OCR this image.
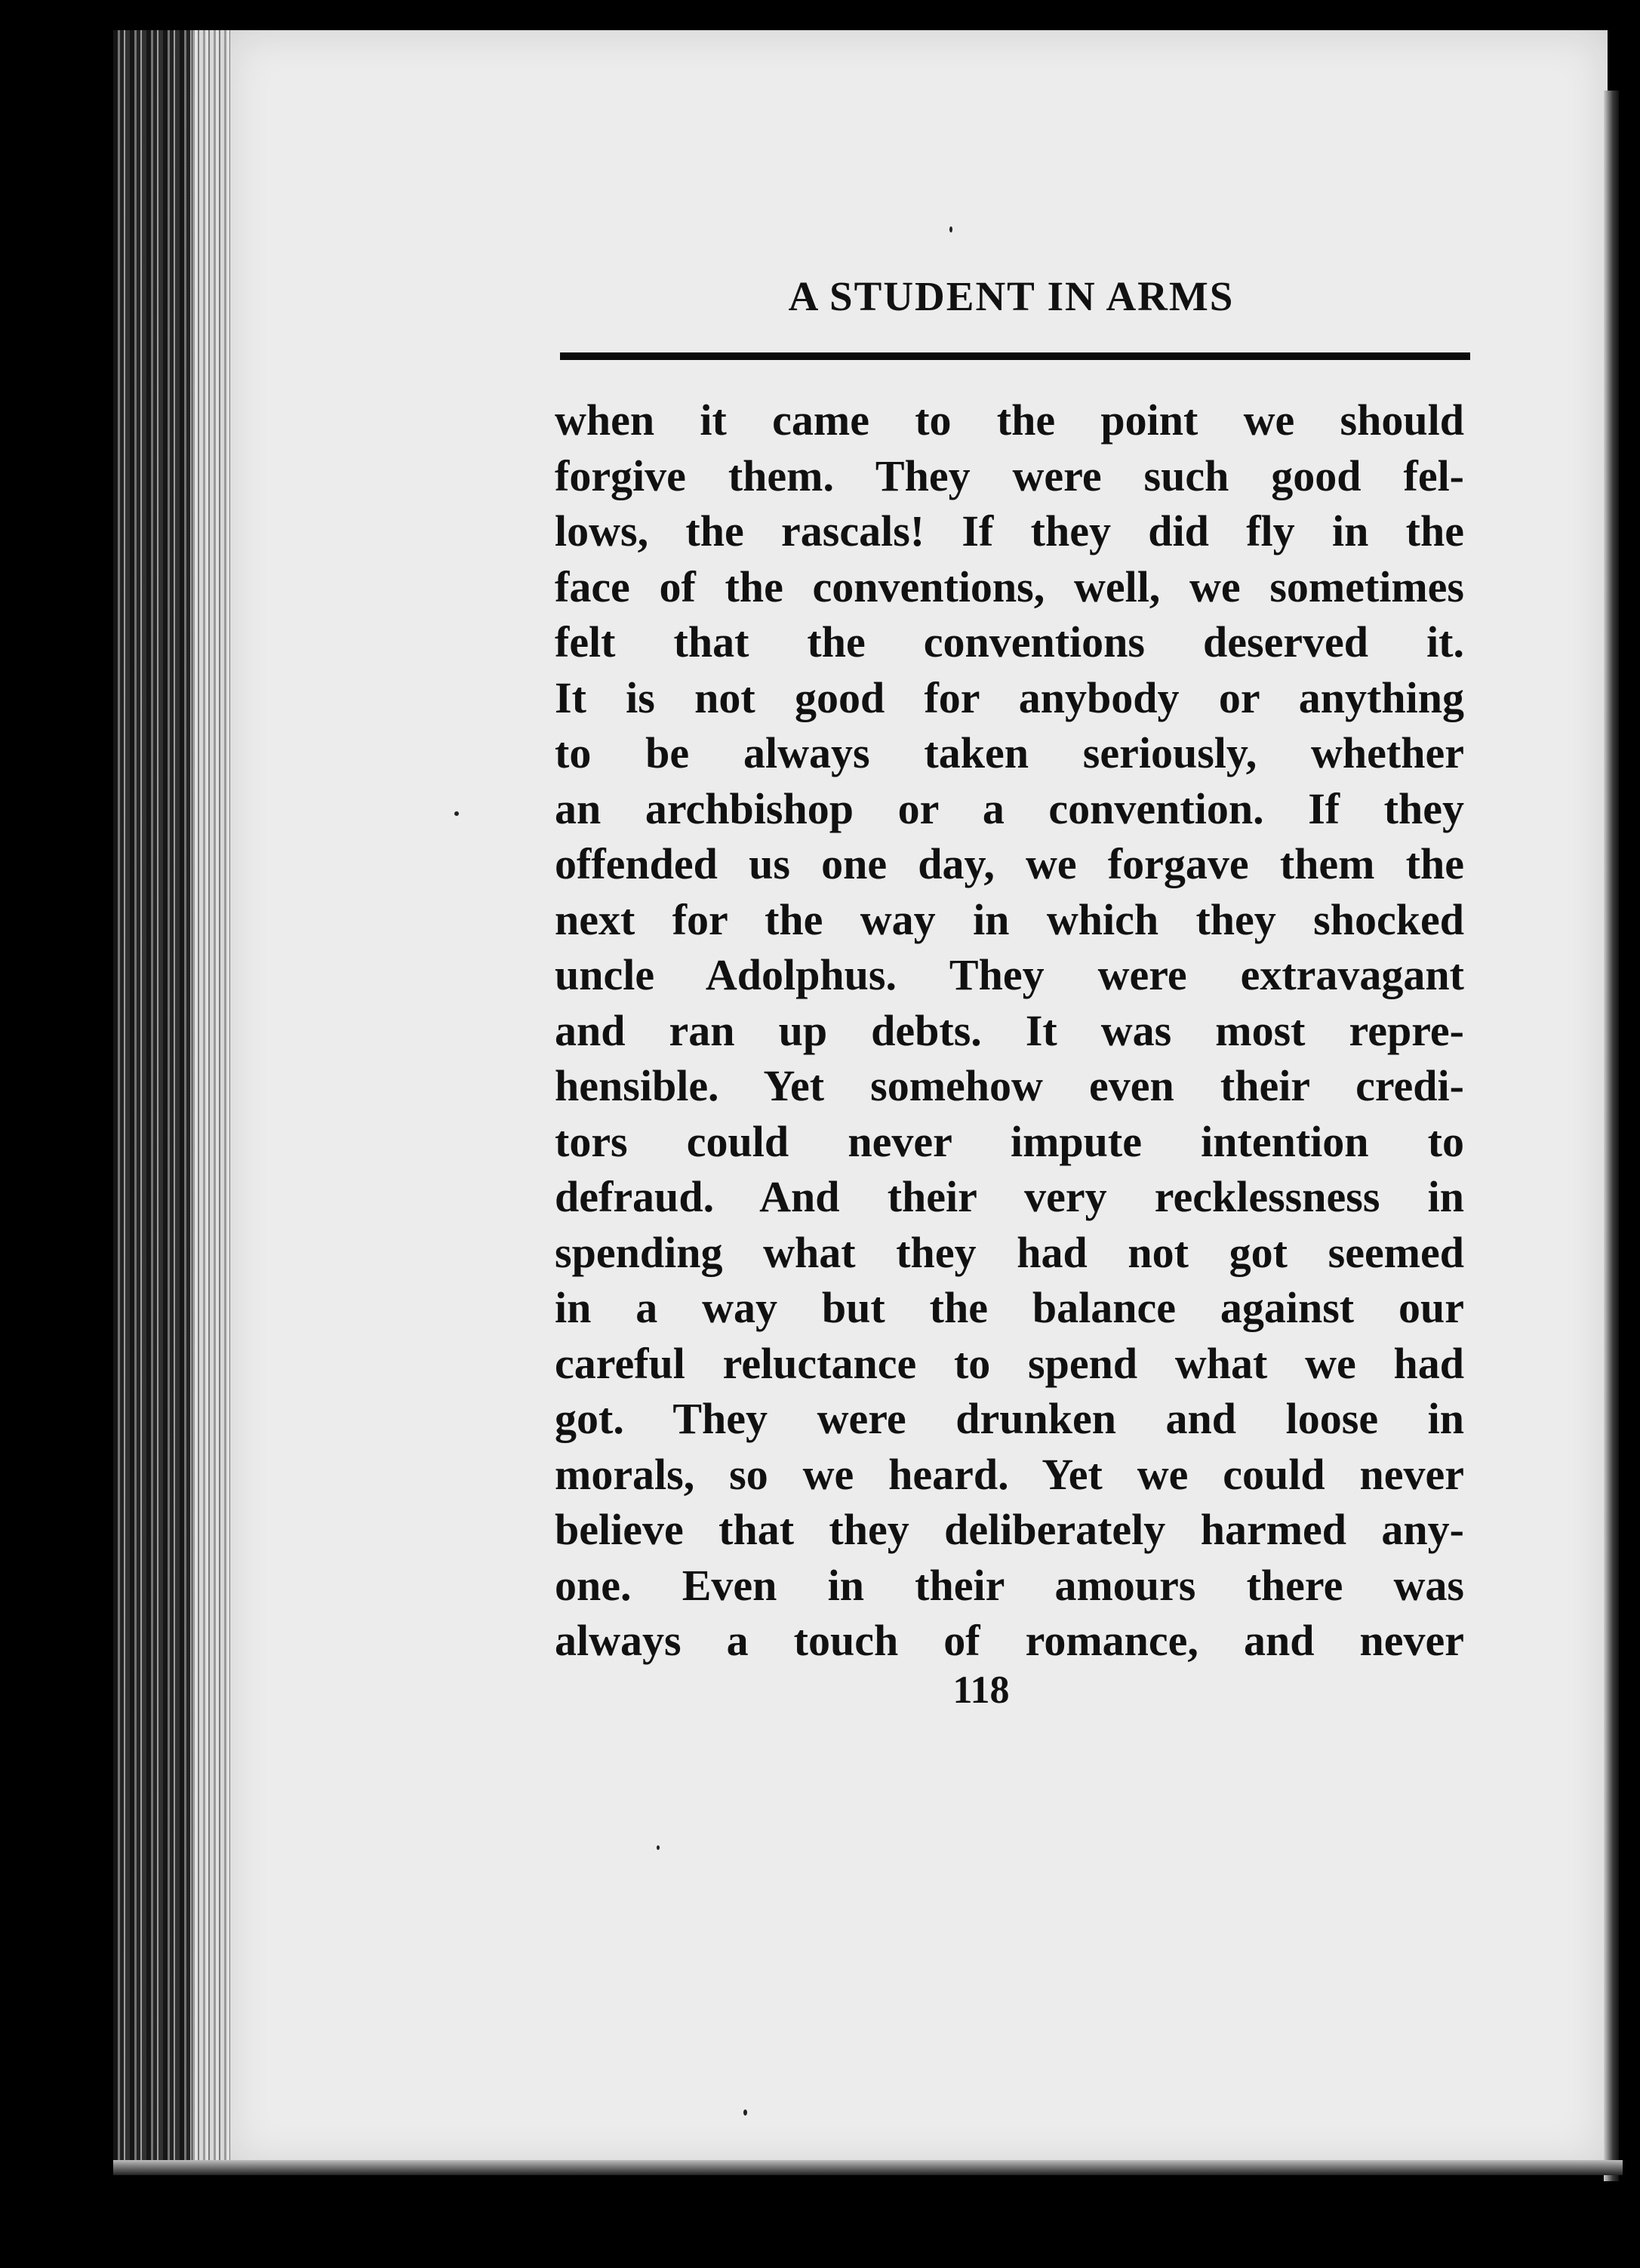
A STUDENT IN ARMS
when it came to the point we should
forgive them. They were such good fel-
lows, the rascals! If they did fly in the
face of the conventions, well, we sometimes
felt that the conventions deserved it.
It is not good for anybody or anything
to be always taken seriously, whether
an archbishop or a convention. If they
offended us one day, we forgave them the
next for the way in which they shocked
uncle Adolphus. They were extravagant
and ran up debts. It was most repre-
hensible. Yet somehow even their credi-
tors could never impute intention to
defraud. And their very recklessness in
spending what they had not got seemed
in a way but the balance against our
careful reluctance to spend what we had
got. They were drunken and loose in
morals, so we heard. Yet we could never
believe that they deliberately harmed any-
one. Even in their amours there was
always a touch of romance, and never
118
